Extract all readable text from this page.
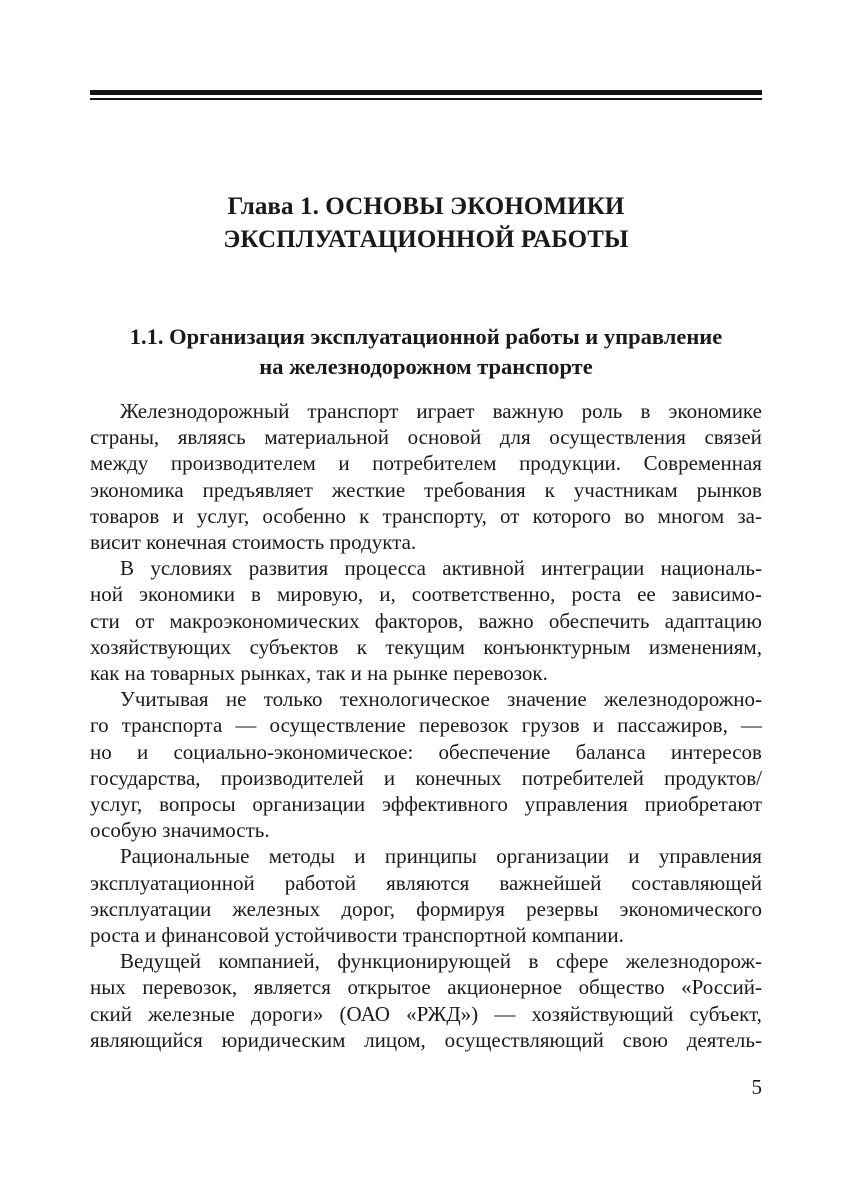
Глава 1. ОСНОВЫ ЭКОНОМИКИ
ЭКСПЛУАТАЦИОННОЙ РАБОТЫ
1.1. Организация эксплуатационной работы и управление
на железнодорожном транспорте

Железнодорожный транспорт играет важную роль в экономике
страны, являясь материальной основой для осуществления связей
между производителем и потребителем продукции. Современная
экономика предъявляет жесткие требования к участникам рынков
товаров и услуг, особенно к транспорту, от которого во многом за-
висит конечная стоимость продукта.

В условиях развития процесса активной интеграции националь-
ной экономики в мировую, и, соответственно, роста ее зависимо-
сти от макроэкономических факторов, важно обеспечить адаптацию
хозяйствующих субъектов к текущим конъюнктурным изменениям,
как на товарных рынках, так и на рынке перевозок.

Учитывая не только технологическое значение железнодорожно-
го транспорта — осуществление перевозок грузов и пассажиров, —
но и социально-экономическое: обеспечение баланса интересов
государства, производителей и конечных потребителей продуктов/
услуг, вопросы организации эффективного управления приобретают
особую значимость.

Рациональные методы и принципы организации и управления
эксплуатационной работой являются важнейшей составляющей
эксплуатации железных дорог, формируя резервы экономического
роста и финансовой устойчивости транспортной компании.

Ведущей компанией, функционирующей в сфере железнодорож-
ных перевозок, является открытое акционерное общество «Россий-
ский железные дороги» (ОАО «РЖД») — хозяйствующий субъект,
являющийся юридическим лицом, осуществляющий свою деятель-

5
